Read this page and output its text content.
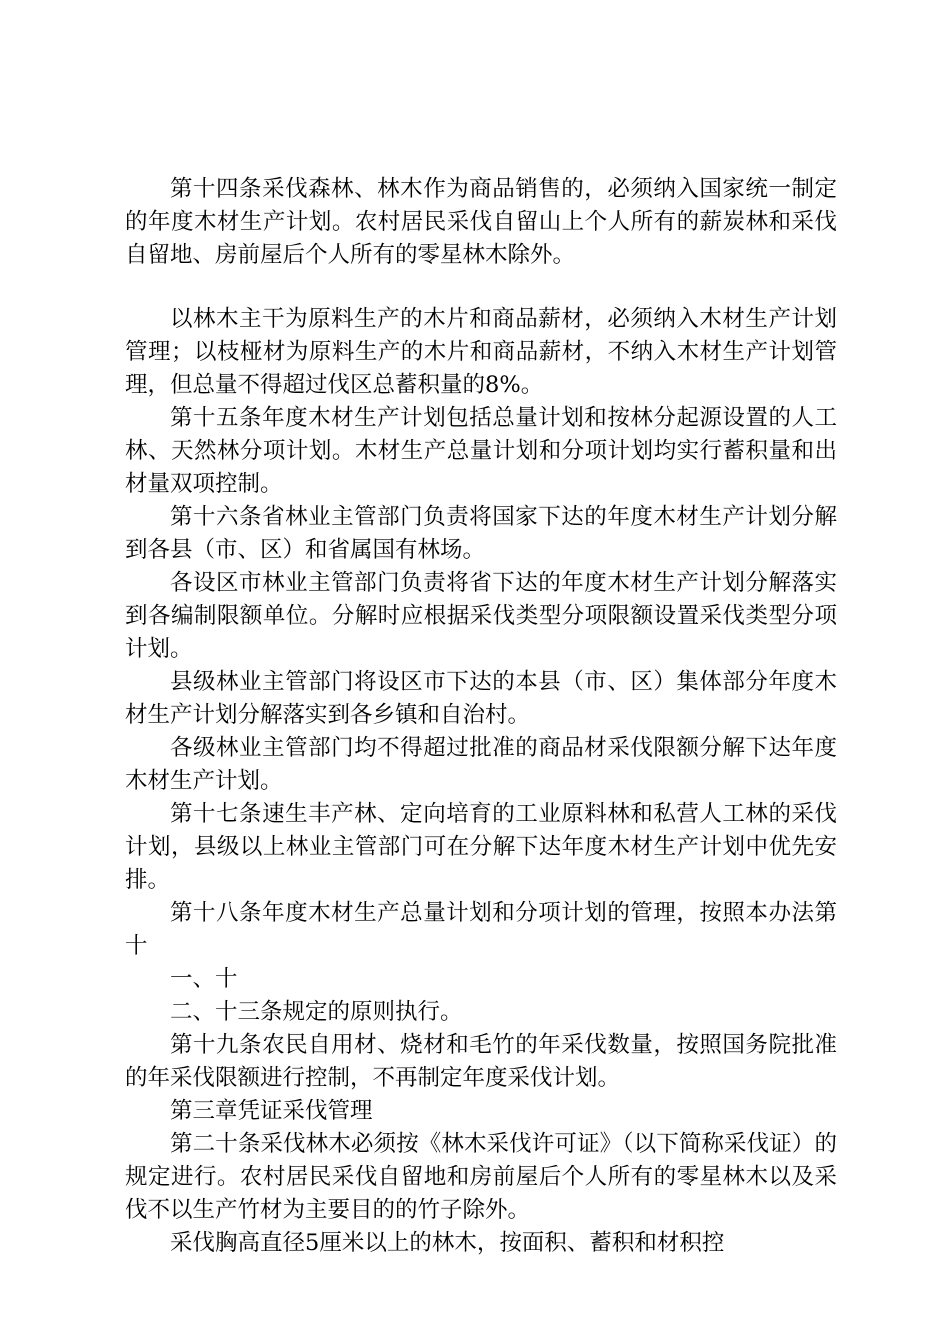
第十四条采伐森林、林木作为商品销售的，必须纳入国家统一制定的年度木材生产计划。农村居民采伐自留山上个人所有的薪炭林和采伐自留地、房前屋后个人所有的零星林木除外。

以林木主干为原料生产的木片和商品薪材，必须纳入木材生产计划管理；以枝桠材为原料生产的木片和商品薪材，不纳入木材生产计划管理，但总量不得超过伐区总蓄积量的8%。

第十五条年度木材生产计划包括总量计划和按林分起源设置的人工林、天然林分项计划。木材生产总量计划和分项计划均实行蓄积量和出材量双项控制。

第十六条省林业主管部门负责将国家下达的年度木材生产计划分解到各县（市、区）和省属国有林场。

各设区市林业主管部门负责将省下达的年度木材生产计划分解落实到各编制限额单位。分解时应根据采伐类型分项限额设置采伐类型分项计划。

县级林业主管部门将设区市下达的本县（市、区）集体部分年度木材生产计划分解落实到各乡镇和自治村。

各级林业主管部门均不得超过批准的商品材采伐限额分解下达年度木材生产计划。

第十七条速生丰产林、定向培育的工业原料林和私营人工林的采伐计划，县级以上林业主管部门可在分解下达年度木材生产计划中优先安排。

第十八条年度木材生产总量计划和分项计划的管理，按照本办法第十

一、十

二、十三条规定的原则执行。

第十九条农民自用材、烧材和毛竹的年采伐数量，按照国务院批准的年采伐限额进行控制，不再制定年度采伐计划。

第三章凭证采伐管理

第二十条采伐林木必须按《林木采伐许可证》（以下简称采伐证）的规定进行。农村居民采伐自留地和房前屋后个人所有的零星林木以及采伐不以生产竹材为主要目的的竹子除外。

采伐胸高直径5厘米以上的林木，按面积、蓄积和材积控
